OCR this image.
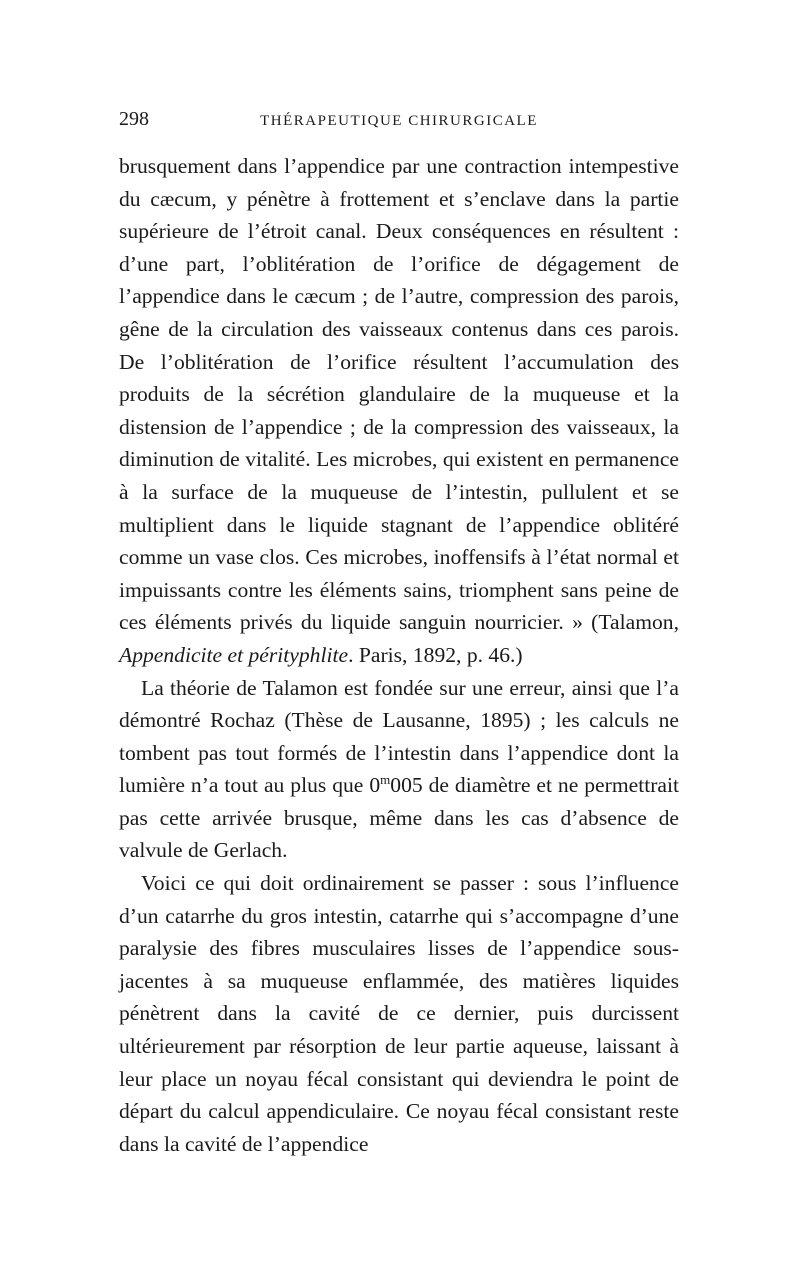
298	THÉRAPEUTIQUE CHIRURGICALE

brusquement dans l’appendice par une contraction intempestive du cæcum, y pénètre à frottement et s’enclave dans la partie supérieure de l’étroit canal. Deux conséquences en résultent : d’une part, l’oblitération de l’orifice de dégagement de l’appendice dans le cæcum ; de l’autre, compression des parois, gêne de la circulation des vaisseaux contenus dans ces parois. De l’oblitération de l’orifice résultent l’accumulation des produits de la sécrétion glandulaire de la muqueuse et la distension de l’appendice ; de la compression des vaisseaux, la diminution de vitalité. Les microbes, qui existent en permanence à la surface de la muqueuse de l’intestin, pullulent et se multiplient dans le liquide stagnant de l’appendice oblitéré comme un vase clos. Ces microbes, inoffensifs à l’état normal et impuissants contre les éléments sains, triomphent sans peine de ces éléments privés du liquide sanguin nourricier. » (Talamon, Appendicite et pérityphlite. Paris, 1892, p. 46.)

La théorie de Talamon est fondée sur une erreur, ainsi que l’a démontré Rochaz (Thèse de Lausanne, 1895) ; les calculs ne tombent pas tout formés de l’intestin dans l’appendice dont la lumière n’a tout au plus que 0$^m$005 de diamètre et ne permettrait pas cette arrivée brusque, même dans les cas d’absence de valvule de Gerlach.

Voici ce qui doit ordinairement se passer : sous l’influence d’un catarrhe du gros intestin, catarrhe qui s’accompagne d’une paralysie des fibres musculaires lisses de l’appendice sous-jacentes à sa muqueuse enflammée, des matières liquides pénètrent dans la cavité de ce dernier, puis durcissent ultérieurement par résorption de leur partie aqueuse, laissant à leur place un noyau fécal consistant qui deviendra le point de départ du calcul appendiculaire. Ce noyau fécal consistant reste dans la cavité de l’appendice
